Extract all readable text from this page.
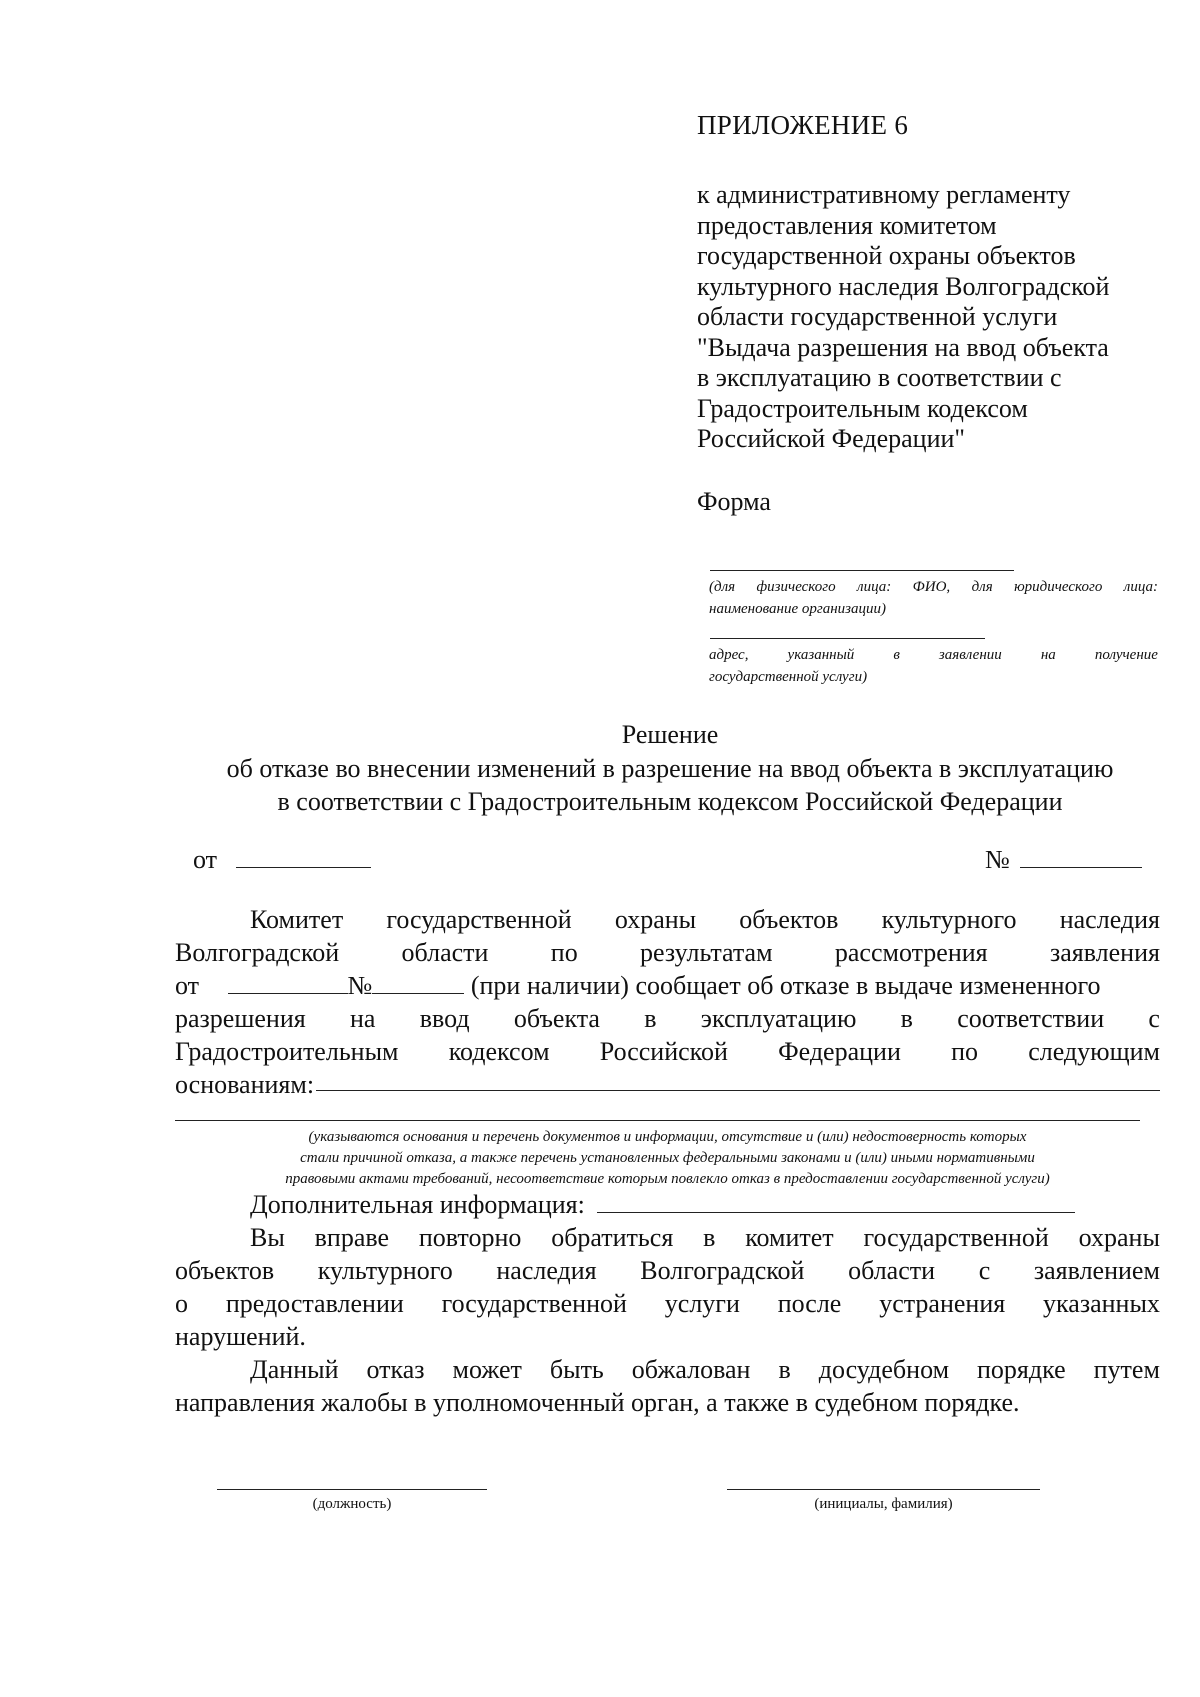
ПРИЛОЖЕНИЕ 6
к административному регламенту
предоставления комитетом
государственной охраны объектов
культурного наследия Волгоградской
области государственной услуги
"Выдача разрешения на ввод объекта
в эксплуатацию в соответствии с
Градостроительным кодексом
Российской Федерации"
Форма
(для физического лица: ФИО, для юридического лица:
наименование организации)
адрес,	указанный	в	заявлении	на	получение
государственной услуги)
Решение
об отказе во внесении изменений в разрешение на ввод объекта в эксплуатацию
в соответствии с Градостроительным кодексом Российской Федерации
от	№
Комитет государственной охраны объектов культурного наследия
Волгоградской области по результатам рассмотрения заявления
от	№	(при наличии) сообщает об отказе в выдаче измененного
разрешения на ввод объекта в эксплуатацию в соответствии с
Градостроительным кодексом Российской Федерации по следующим
основаниям:
(указываются основания и перечень документов и информации, отсутствие и (или) недостоверность которых
стали причиной отказа, а также перечень установленных федеральными законами и (или) иными нормативными
правовыми актами требований, несоответствие которым повлекло отказ в предоставлении государственной услуги)
Дополнительная информация:
Вы вправе повторно обратиться в комитет государственной охраны
объектов культурного наследия Волгоградской области с заявлением
о предоставлении государственной услуги после устранения указанных
нарушений.
Данный отказ может быть обжалован в досудебном порядке путем
направления жалобы в уполномоченный орган, а также в судебном порядке.
(должность)	(инициалы, фамилия)
